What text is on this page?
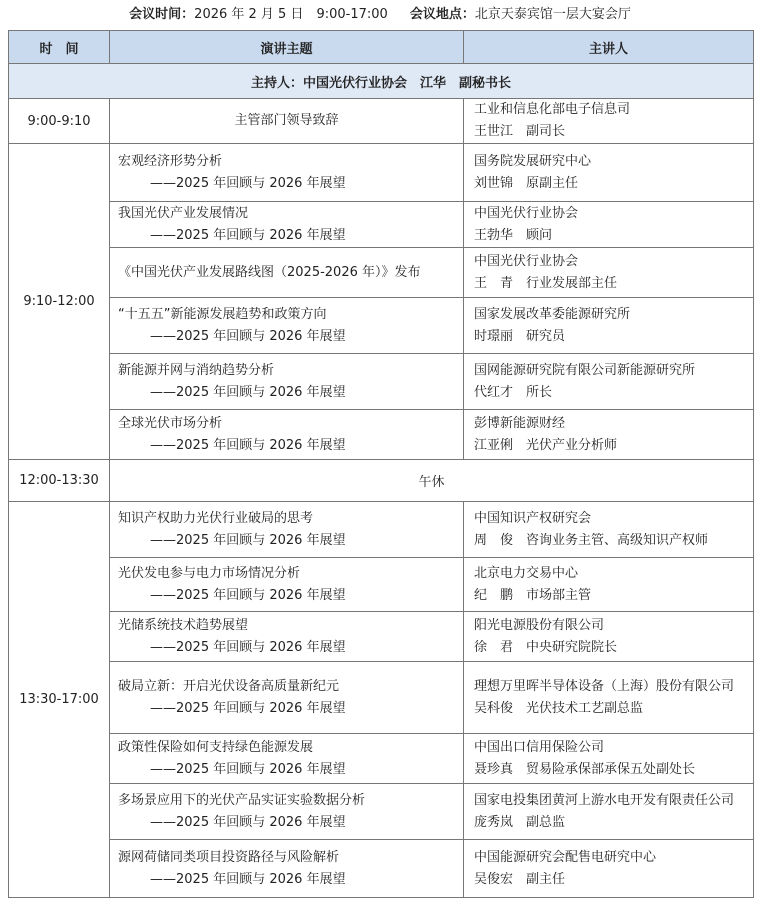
会议时间：2026 年 2 月 5 日　9:00-17:00 会议地点：北京天泰宾馆一层大宴会厅
时　间	演讲主题	主讲人
主持人：中国光伏行业协会　江华　副秘书长		
9:00-9:10	主管部门领导致辞	工业和信息化部电子信息司
王世江　副司长

9:10-12:00	宏观经济形势分析
——2025 年回顾与 2026 年展望	国务院发展研究中心
刘世锦　原副主任

	我国光伏产业发展情况
——2025 年回顾与 2026 年展望	中国光伏行业协会
王勃华　顾问

	《中国光伏产业发展路线图（2025-2026 年）》发布	中国光伏行业协会
王　青　行业发展部主任

	“十五五”新能源发展趋势和政策方向
——2025 年回顾与 2026 年展望	国家发展改革委能源研究所
时璟丽　研究员

	新能源并网与消纳趋势分析
——2025 年回顾与 2026 年展望	国网能源研究院有限公司新能源研究所
代红才　所长

	全球光伏市场分析
——2025 年回顾与 2026 年展望	彭博新能源财经
江亚俐　光伏产业分析师

12:00-13:30	午休	
13:30-17:00	知识产权助力光伏行业破局的思考
——2025 年回顾与 2026 年展望	中国知识产权研究会
周　俊　咨询业务主管、高级知识产权师

	光伏发电参与电力市场情况分析
——2025 年回顾与 2026 年展望	北京电力交易中心
纪　鹏　市场部主管

	光储系统技术趋势展望
——2025 年回顾与 2026 年展望	阳光电源股份有限公司
徐　君　中央研究院院长

	破局立新：开启光伏设备高质量新纪元
——2025 年回顾与 2026 年展望	理想万里晖半导体设备（上海）股份有限公司
吴科俊　光伏技术工艺副总监

	政策性保险如何支持绿色能源发展
——2025 年回顾与 2026 年展望	中国出口信用保险公司
聂珍真　贸易险承保部承保五处副处长

	多场景应用下的光伏产品实证实验数据分析
——2025 年回顾与 2026 年展望	国家电投集团黄河上游水电开发有限责任公司
庞秀岚　副总监

	源网荷储同类项目投资路径与风险解析
——2025 年回顾与 2026 年展望	中国能源研究会配售电研究中心
吴俊宏　副主任
